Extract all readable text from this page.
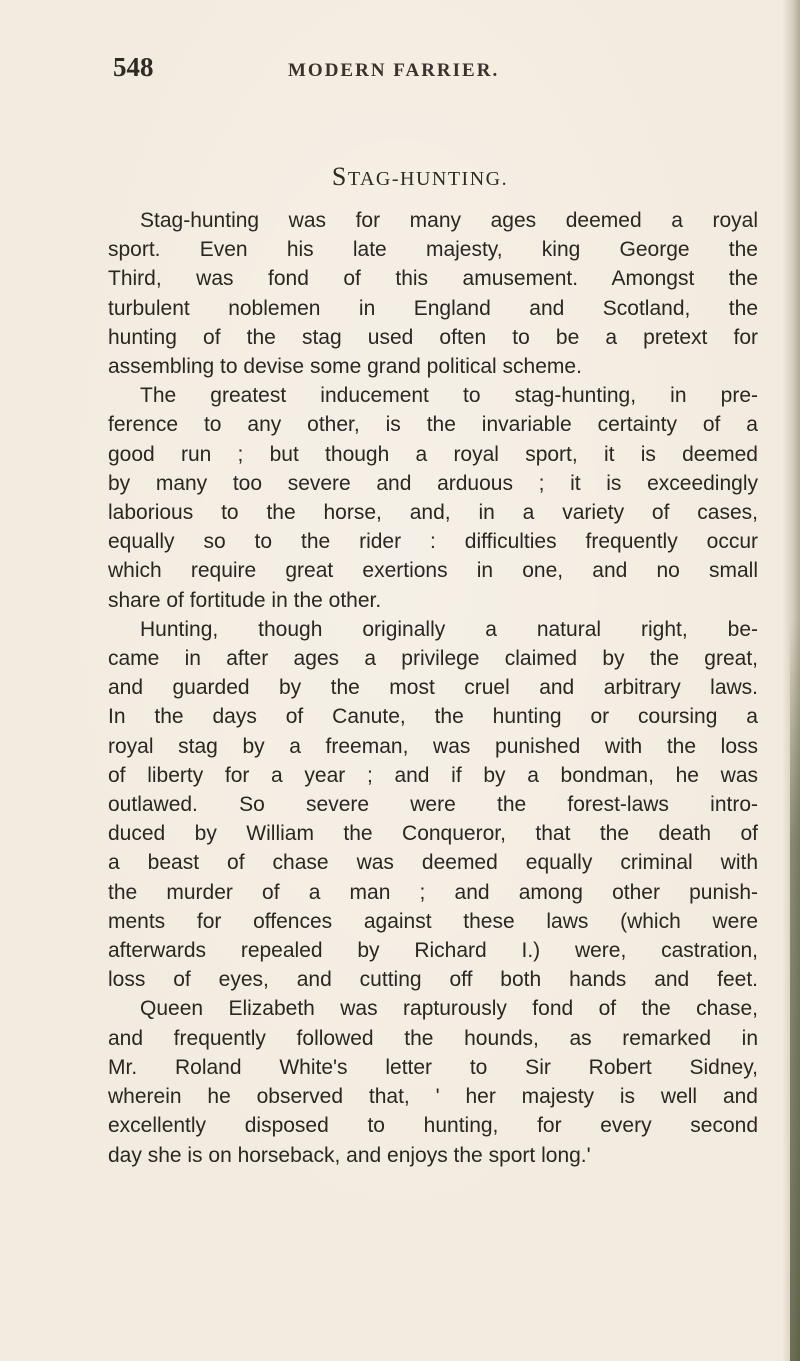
548	MODERN FARRIER.
STAG-HUNTING.
Stag-hunting was for many ages deemed a royal
sport. Even his late majesty, king George the
Third, was fond of this amusement. Amongst the
turbulent noblemen in England and Scotland, the
hunting of the stag used often to be a pretext for
assembling to devise some grand political scheme.
The greatest inducement to stag-hunting, in pre-
ference to any other, is the invariable certainty of a
good run ; but though a royal sport, it is deemed
by many too severe and arduous ; it is exceedingly
laborious to the horse, and, in a variety of cases,
equally so to the rider : difficulties frequently occur
which require great exertions in one, and no small
share of fortitude in the other.
Hunting, though originally a natural right, be-
came in after ages a privilege claimed by the great,
and guarded by the most cruel and arbitrary laws.
In the days of Canute, the hunting or coursing a
royal stag by a freeman, was punished with the loss
of liberty for a year ; and if by a bondman, he was
outlawed. So severe were the forest-laws intro-
duced by William the Conqueror, that the death of
a beast of chase was deemed equally criminal with
the murder of a man ; and among other punish-
ments for offences against these laws (which were
afterwards repealed by Richard I.) were, castration,
loss of eyes, and cutting off both hands and feet.
Queen Elizabeth was rapturously fond of the chase,
and frequently followed the hounds, as remarked in
Mr. Roland White's letter to Sir Robert Sidney,
wherein he observed that, ' her majesty is well and
excellently disposed to hunting, for every second
day she is on horseback, and enjoys the sport long.'
